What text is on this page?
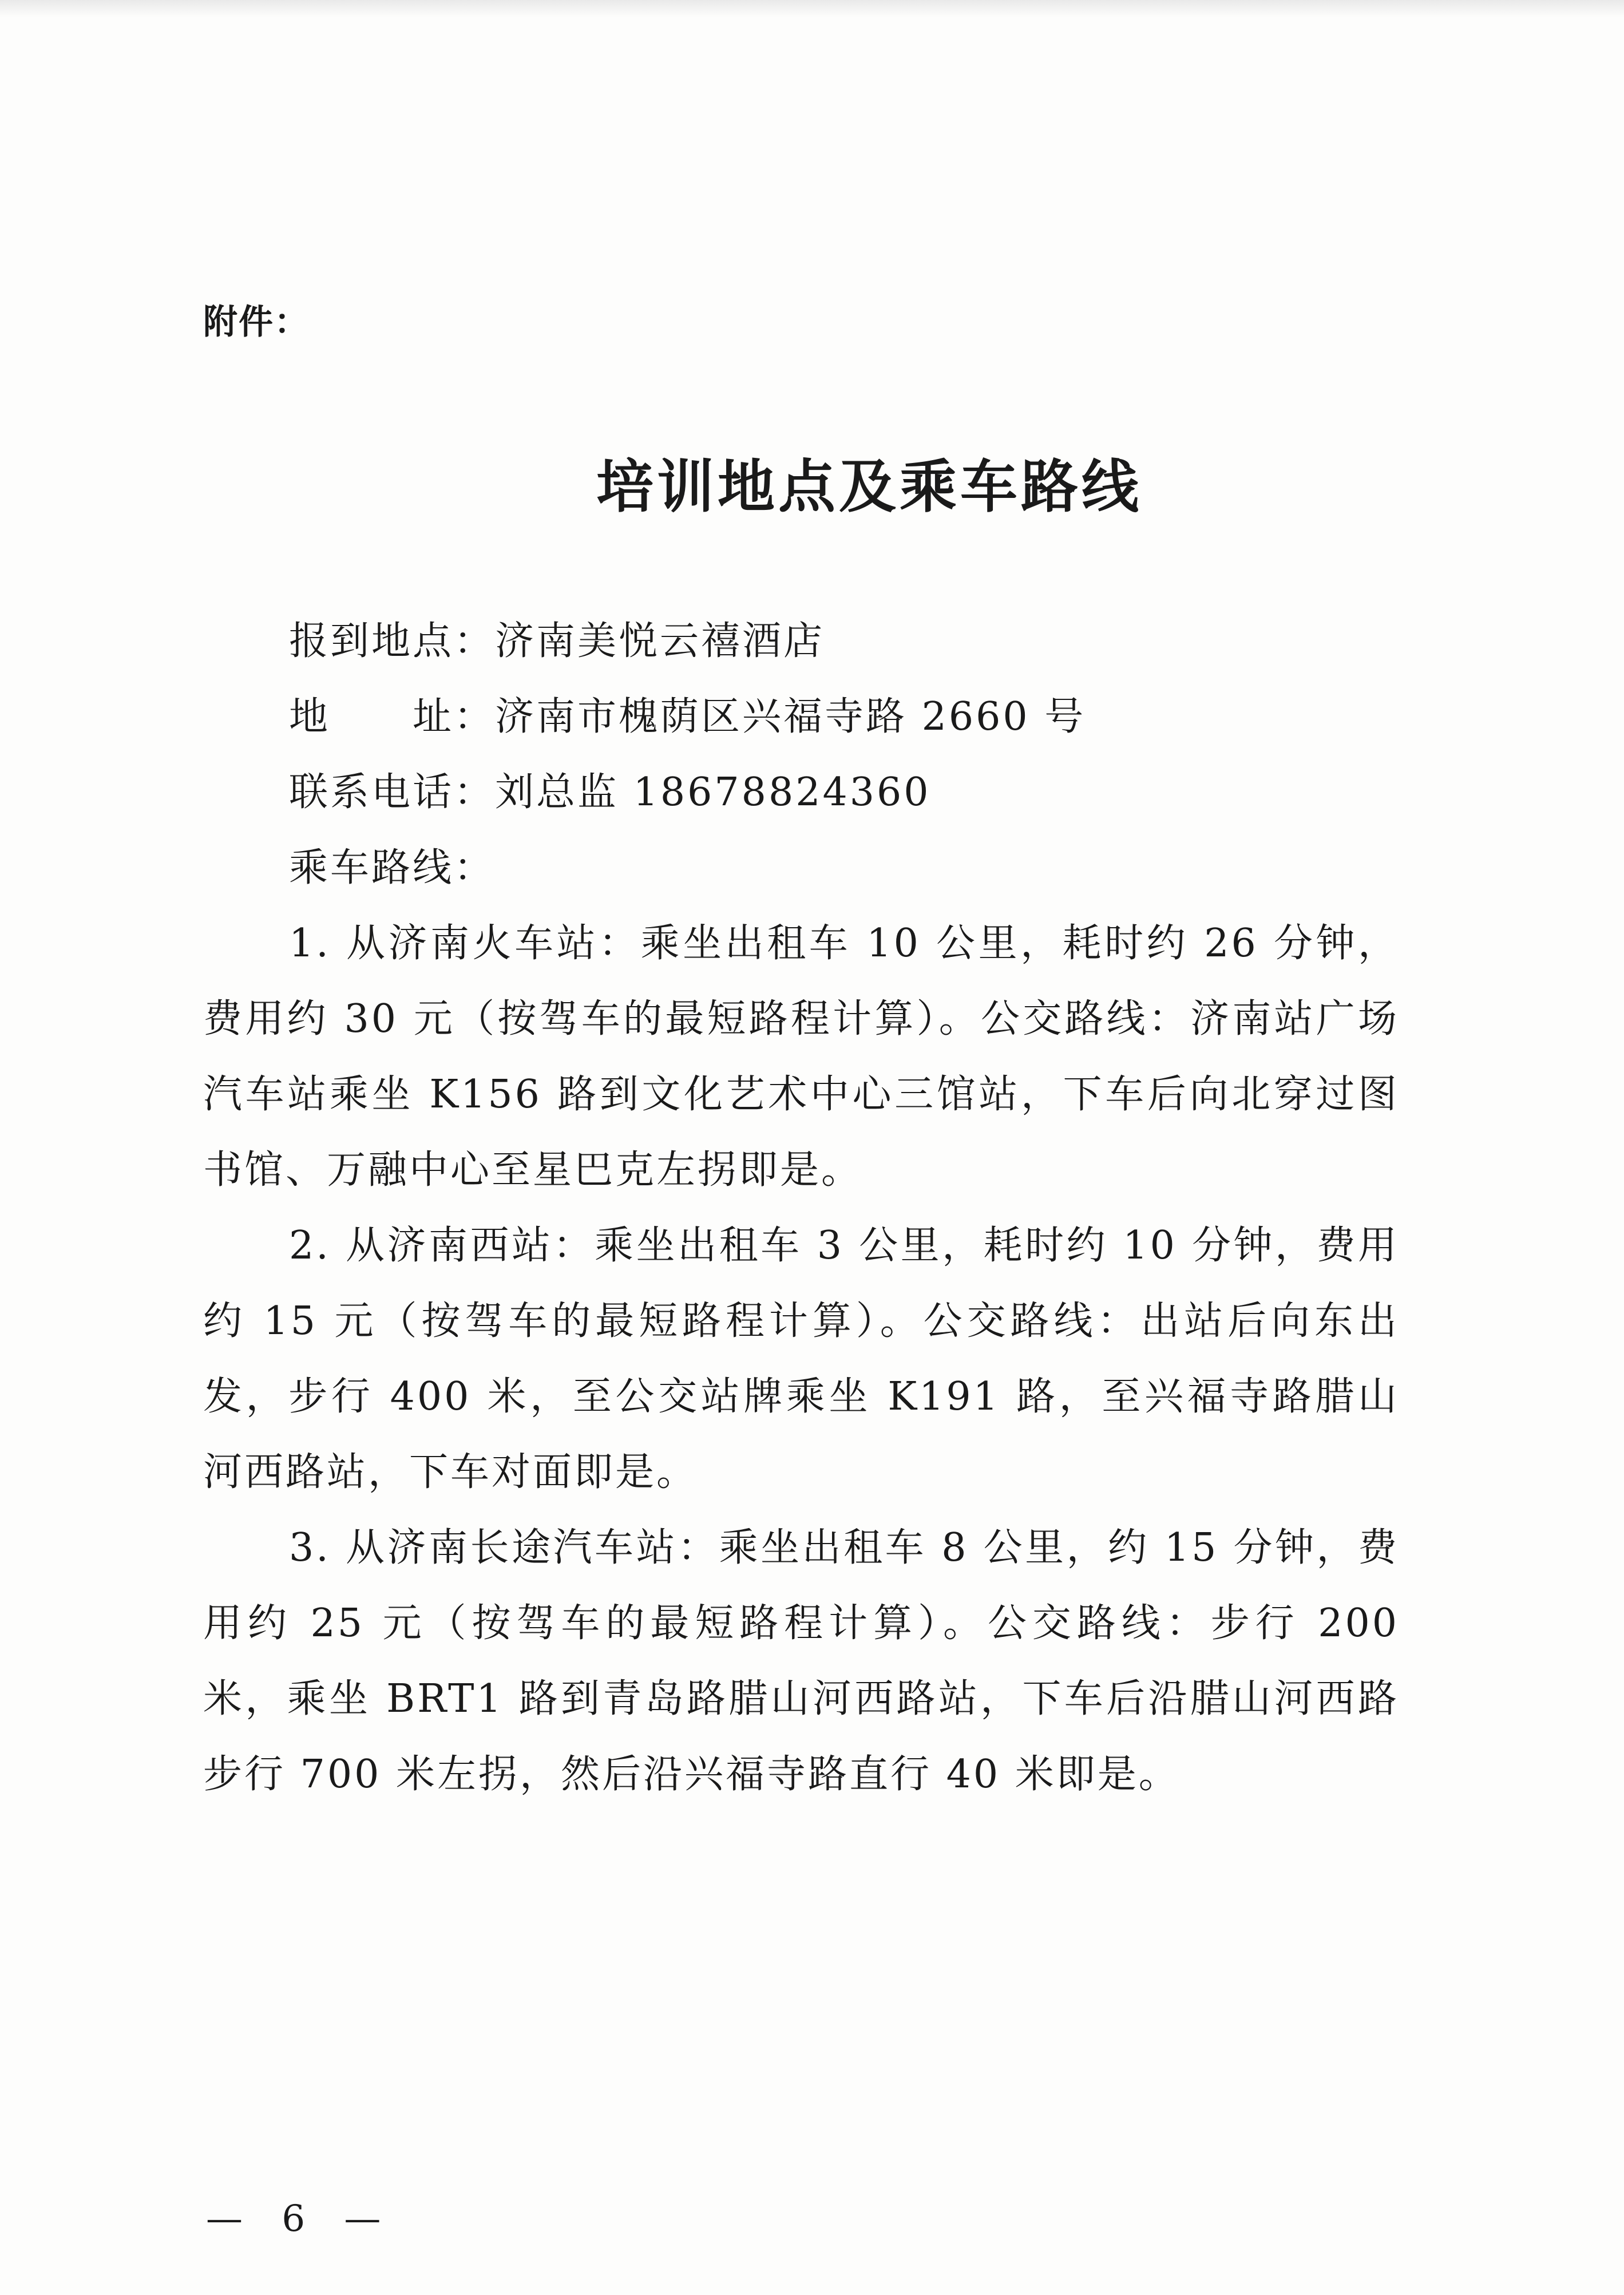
附件：
培训地点及乘车路线
报到地点：济南美悦云禧酒店
地　　址：济南市槐荫区兴福寺路 2660 号
联系电话：刘总监 18678824360
乘车路线：
1. 从济南火车站：乘坐出租车 10 公里，耗时约 26 分钟，费用约 30 元（按驾车的最短路程计算）。公交路线：济南站广场汽车站乘坐 K156 路到文化艺术中心三馆站，下车后向北穿过图书馆、万融中心至星巴克左拐即是。
2. 从济南西站：乘坐出租车 3 公里，耗时约 10 分钟，费用约 15 元（按驾车的最短路程计算）。公交路线：出站后向东出发，步行 400 米，至公交站牌乘坐 K191 路，至兴福寺路腊山河西路站，下车对面即是。
3. 从济南长途汽车站：乘坐出租车 8 公里，约 15 分钟，费用约 25 元（按驾车的最短路程计算）。公交路线：步行 200 米，乘坐 BRT1 路到青岛路腊山河西路站，下车后沿腊山河西路步行 700 米左拐，然后沿兴福寺路直行 40 米即是。
— 6 —
